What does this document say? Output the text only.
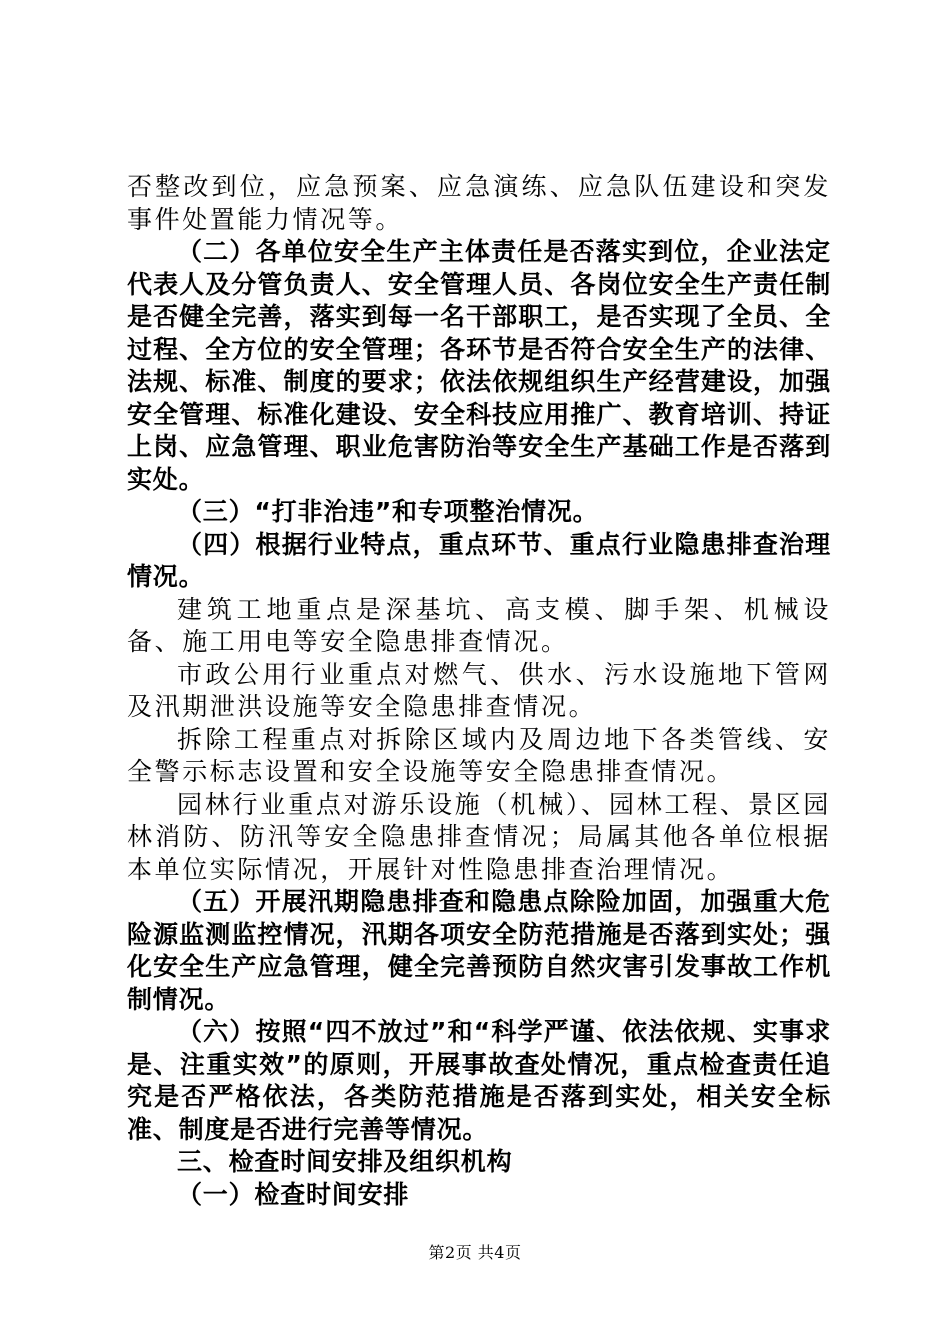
否整改到位，应急预案、应急演练、应急队伍建设和突发事件处置能力情况等。

（二）各单位安全生产主体责任是否落实到位，企业法定代表人及分管负责人、安全管理人员、各岗位安全生产责任制是否健全完善，落实到每一名干部职工，是否实现了全员、全过程、全方位的安全管理；各环节是否符合安全生产的法律、法规、标准、制度的要求；依法依规组织生产经营建设，加强安全管理、标准化建设、安全科技应用推广、教育培训、持证上岗、应急管理、职业危害防治等安全生产基础工作是否落到实处。

（三）“打非治违”和专项整治情况。

（四）根据行业特点，重点环节、重点行业隐患排查治理情况。

建筑工地重点是深基坑、高支模、脚手架、机械设备、施工用电等安全隐患排查情况。

市政公用行业重点对燃气、供水、污水设施地下管网及汛期泄洪设施等安全隐患排查情况。

拆除工程重点对拆除区域内及周边地下各类管线、安全警示标志设置和安全设施等安全隐患排查情况。

园林行业重点对游乐设施（机械）、园林工程、景区园林消防、防汛等安全隐患排查情况；局属其他各单位根据本单位实际情况，开展针对性隐患排查治理情况。

（五）开展汛期隐患排查和隐患点除险加固，加强重大危险源监测监控情况，汛期各项安全防范措施是否落到实处；强化安全生产应急管理，健全完善预防自然灾害引发事故工作机制情况。

（六）按照“四不放过”和“科学严谨、依法依规、实事求是、注重实效”的原则，开展事故查处情况，重点检查责任追究是否严格依法，各类防范措施是否落到实处，相关安全标准、制度是否进行完善等情况。

三、检查时间安排及组织机构

（一）检查时间安排

第2页 共4页
